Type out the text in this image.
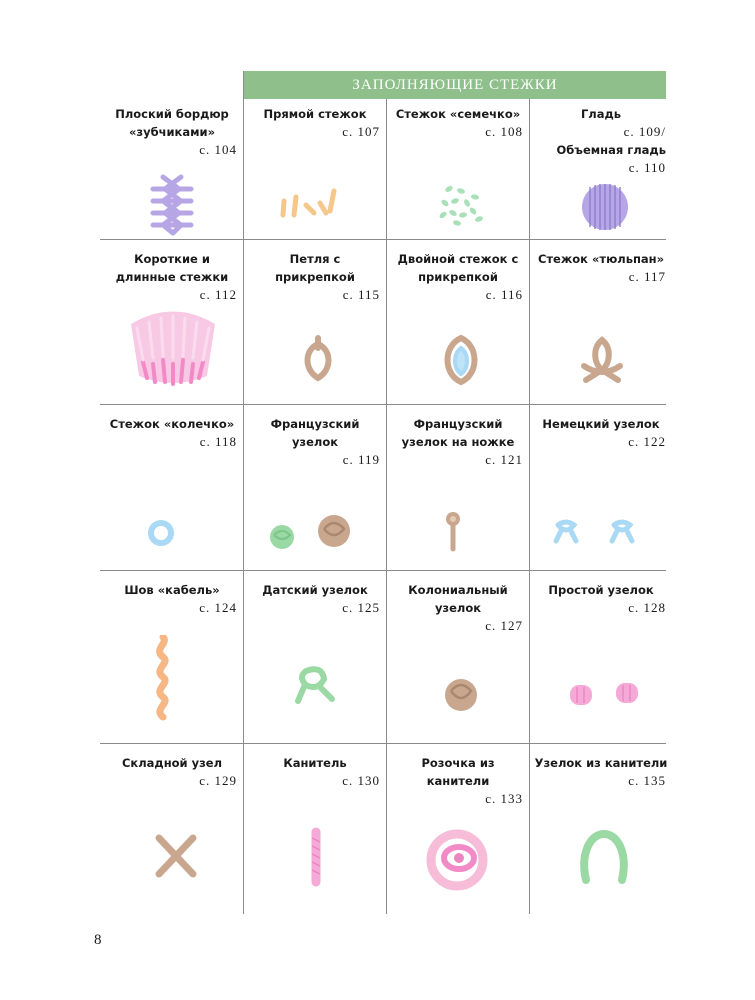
ЗАПОЛНЯЮЩИЕ СТЕЖКИ
Плоский бордюр «зубчиками»
с. 104
Прямой стежок
с. 107
Стежок «семечко»
с. 108
Гладь
с. 109/
Объемная гладь
с. 110
Короткие и длинные стежки
с. 112
Петля с прикрепкой
с. 115
Двойной стежок с прикрепкой
с. 116
Стежок «тюльпан»
с. 117
Стежок «колечко»
с. 118
Французский узелок
с. 119
Французский узелок на ножке
с. 121
Немецкий узелок
с. 122
Шов «кабель»
с. 124
Датский узелок
с. 125
Колониальный узелок
с. 127
Простой узелок
с. 128
Складной узел
с. 129
Канитель
с. 130
Розочка из канители
с. 133
Узелок из канители
с. 135
8
